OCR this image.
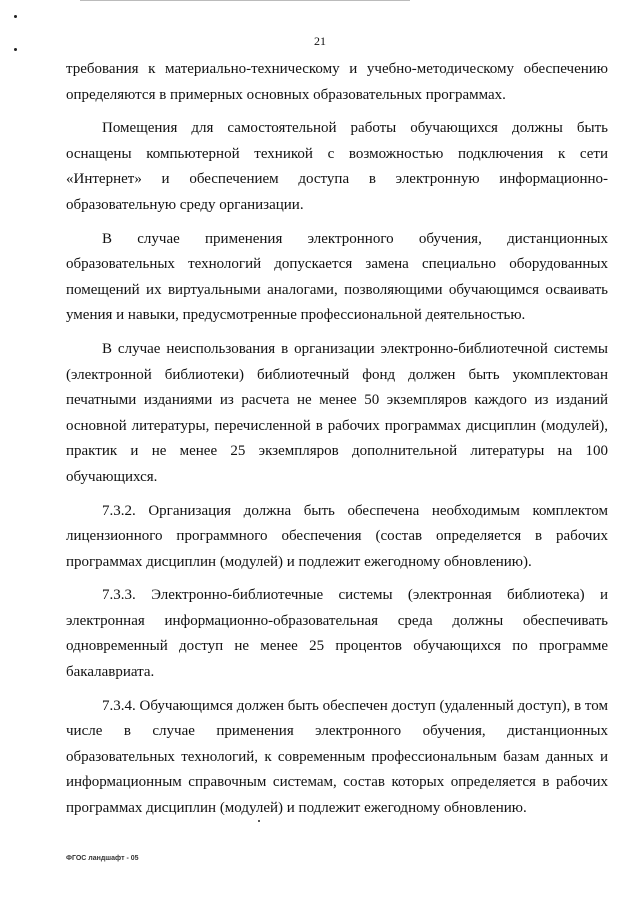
21

требования к материально-техническому и учебно-методическому обеспечению определяются в примерных основных образовательных программах.

Помещения для самостоятельной работы обучающихся должны быть оснащены компьютерной техникой с возможностью подключения к сети «Интернет» и обеспечением доступа в электронную информационно-образовательную среду организации.

В случае применения электронного обучения, дистанционных образовательных технологий допускается замена специально оборудованных помещений их виртуальными аналогами, позволяющими обучающимся осваивать умения и навыки, предусмотренные профессиональной деятельностью.

В случае неиспользования в организации электронно-библиотечной системы (электронной библиотеки) библиотечный фонд должен быть укомплектован печатными изданиями из расчета не менее 50 экземпляров каждого из изданий основной литературы, перечисленной в рабочих программах дисциплин (модулей), практик и не менее 25 экземпляров дополнительной литературы на 100 обучающихся.

7.3.2. Организация должна быть обеспечена необходимым комплектом лицензионного программного обеспечения (состав определяется в рабочих программах дисциплин (модулей) и подлежит ежегодному обновлению).

7.3.3. Электронно-библиотечные системы (электронная библиотека) и электронная информационно-образовательная среда должны обеспечивать одновременный доступ не менее 25 процентов обучающихся по программе бакалавриата.

7.3.4. Обучающимся должен быть обеспечен доступ (удаленный доступ), в том числе в случае применения электронного обучения, дистанционных образовательных технологий, к современным профессиональным базам данных и информационным справочным системам, состав которых определяется в рабочих программах дисциплин (модулей) и подлежит ежегодному обновлению.

ФГОС ландшафт - 05
